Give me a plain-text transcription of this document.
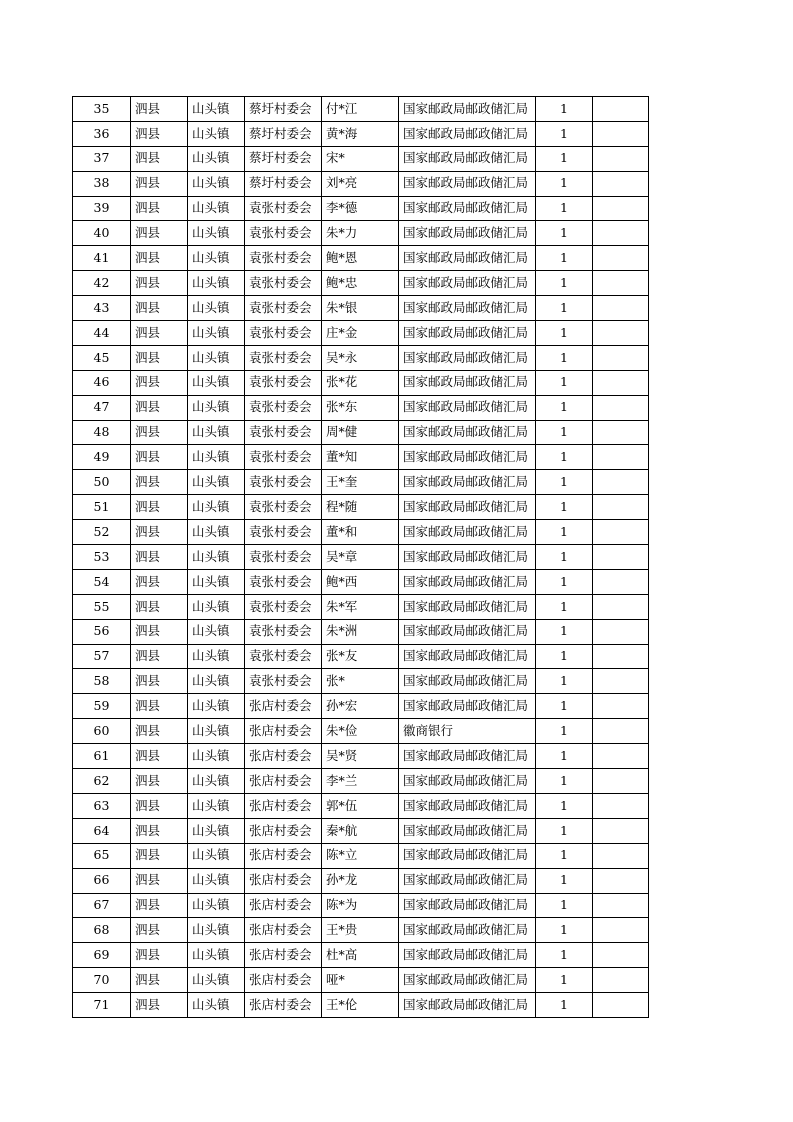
35	泗县	山头镇	蔡圩村委会	付*江	国家邮政局邮政储汇局	1	
36	泗县	山头镇	蔡圩村委会	黄*海	国家邮政局邮政储汇局	1	
37	泗县	山头镇	蔡圩村委会	宋*	国家邮政局邮政储汇局	1	
38	泗县	山头镇	蔡圩村委会	刘*亮	国家邮政局邮政储汇局	1	
39	泗县	山头镇	袁张村委会	李*德	国家邮政局邮政储汇局	1	
40	泗县	山头镇	袁张村委会	朱*力	国家邮政局邮政储汇局	1	
41	泗县	山头镇	袁张村委会	鲍*恩	国家邮政局邮政储汇局	1	
42	泗县	山头镇	袁张村委会	鲍*忠	国家邮政局邮政储汇局	1	
43	泗县	山头镇	袁张村委会	朱*银	国家邮政局邮政储汇局	1	
44	泗县	山头镇	袁张村委会	庄*金	国家邮政局邮政储汇局	1	
45	泗县	山头镇	袁张村委会	吴*永	国家邮政局邮政储汇局	1	
46	泗县	山头镇	袁张村委会	张*花	国家邮政局邮政储汇局	1	
47	泗县	山头镇	袁张村委会	张*东	国家邮政局邮政储汇局	1	
48	泗县	山头镇	袁张村委会	周*健	国家邮政局邮政储汇局	1	
49	泗县	山头镇	袁张村委会	董*知	国家邮政局邮政储汇局	1	
50	泗县	山头镇	袁张村委会	王*奎	国家邮政局邮政储汇局	1	
51	泗县	山头镇	袁张村委会	程*随	国家邮政局邮政储汇局	1	
52	泗县	山头镇	袁张村委会	董*和	国家邮政局邮政储汇局	1	
53	泗县	山头镇	袁张村委会	吴*章	国家邮政局邮政储汇局	1	
54	泗县	山头镇	袁张村委会	鲍*西	国家邮政局邮政储汇局	1	
55	泗县	山头镇	袁张村委会	朱*军	国家邮政局邮政储汇局	1	
56	泗县	山头镇	袁张村委会	朱*洲	国家邮政局邮政储汇局	1	
57	泗县	山头镇	袁张村委会	张*友	国家邮政局邮政储汇局	1	
58	泗县	山头镇	袁张村委会	张*	国家邮政局邮政储汇局	1	
59	泗县	山头镇	张店村委会	孙*宏	国家邮政局邮政储汇局	1	
60	泗县	山头镇	张店村委会	朱*俭	徽商银行	1	
61	泗县	山头镇	张店村委会	吴*贤	国家邮政局邮政储汇局	1	
62	泗县	山头镇	张店村委会	李*兰	国家邮政局邮政储汇局	1	
63	泗县	山头镇	张店村委会	郭*伍	国家邮政局邮政储汇局	1	
64	泗县	山头镇	张店村委会	秦*航	国家邮政局邮政储汇局	1	
65	泗县	山头镇	张店村委会	陈*立	国家邮政局邮政储汇局	1	
66	泗县	山头镇	张店村委会	孙*龙	国家邮政局邮政储汇局	1	
67	泗县	山头镇	张店村委会	陈*为	国家邮政局邮政储汇局	1	
68	泗县	山头镇	张店村委会	王*贵	国家邮政局邮政储汇局	1	
69	泗县	山头镇	张店村委会	杜*高	国家邮政局邮政储汇局	1	
70	泗县	山头镇	张店村委会	哑*	国家邮政局邮政储汇局	1	
71	泗县	山头镇	张店村委会	王*伦	国家邮政局邮政储汇局	1	
